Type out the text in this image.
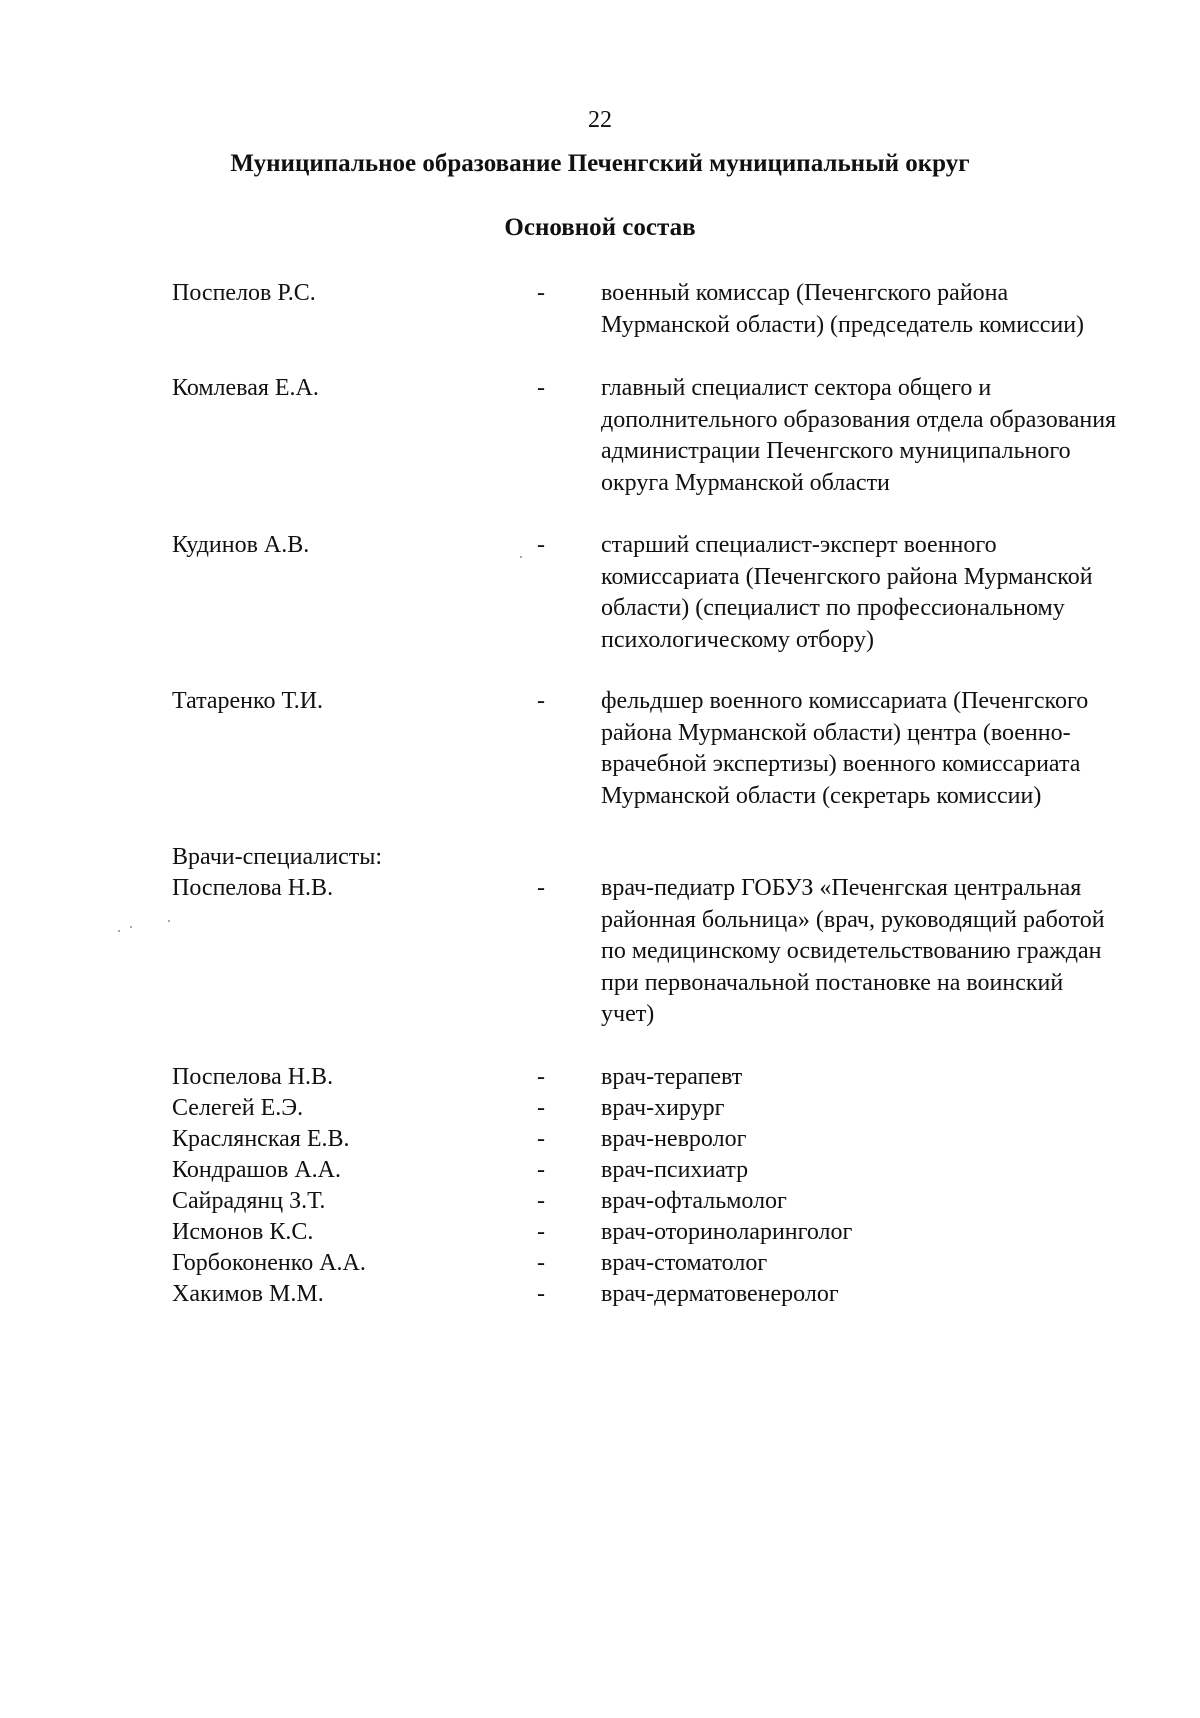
22
Муниципальное образование Печенгский муниципальный округ
Основной состав
Поспелов Р.С.	-	военный комиссар (Печенгского района Мурманской области) (председатель комиссии)
Комлевая Е.А.	-	главный специалист сектора общего и дополнительного образования отдела образования администрации Печенгского муниципального округа Мурманской области
Кудинов А.В.	-	старший специалист-эксперт военного комиссариата (Печенгского района Мурманской области) (специалист по профессиональному психологическому отбору)
Татаренко Т.И.	-	фельдшер военного комиссариата (Печенгского района Мурманской области) центра (военно-врачебной экспертизы) военного комиссариата Мурманской области (секретарь комиссии)
Врачи-специалисты:
Поспелова Н.В.	-	врач-педиатр ГОБУЗ «Печенгская центральная районная больница» (врач, руководящий работой по медицинскому освидетельствованию граждан при первоначальной постановке на воинский учет)
Поспелова Н.В.	-	врач-терапевт
Селегей Е.Э.	-	врач-хирург
Краслянская Е.В.	-	врач-невролог
Кондрашов А.А.	-	врач-психиатр
Сайрадянц З.Т.	-	врач-офтальмолог
Исмонов К.С.	-	врач-оториноларинголог
Горбоконенко А.А.	-	врач-стоматолог
Хакимов М.М.	-	врач-дерматовенеролог
